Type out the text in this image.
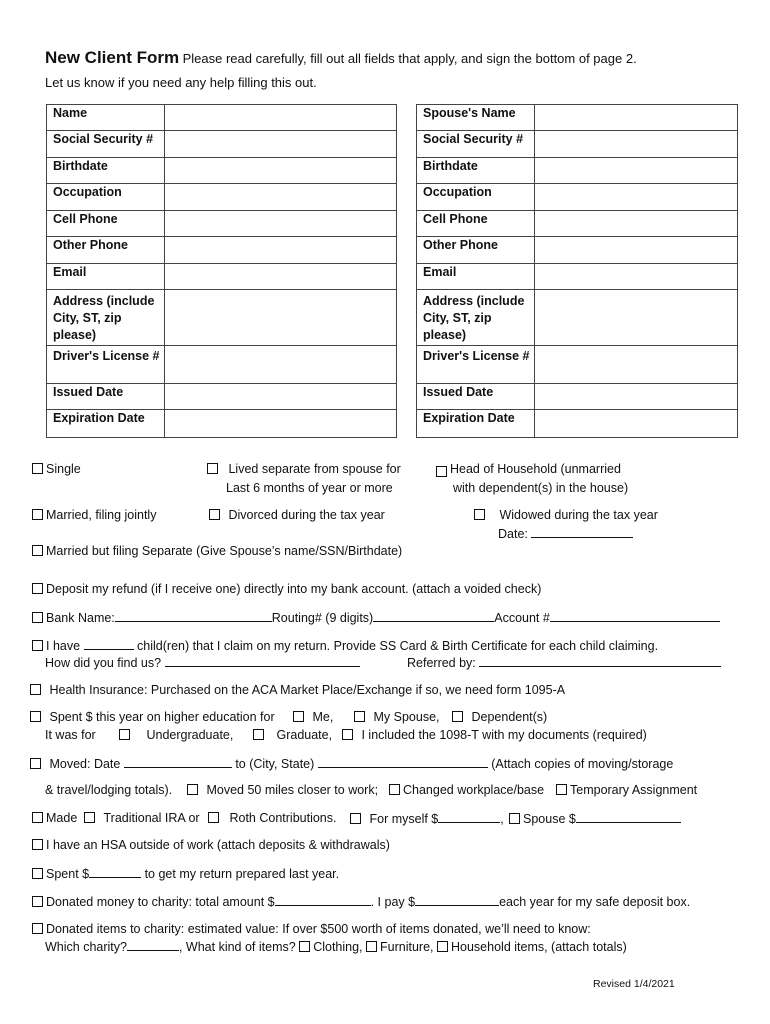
New Client Form Please read carefully, fill out all fields that apply, and sign the bottom of page 2.
Let us know if you need any help filling this out.
Name	
Social Security #	
Birthdate	
Occupation	
Cell Phone	
Other Phone	
Email	
Address (include City, ST, zip please)	
Driver's License #	
Issued Date	
Expiration Date	
Spouse's Name	
Social Security #	
Birthdate	
Occupation	
Cell Phone	
Other Phone	
Email	
Address (include City, ST, zip please)	
Driver's License #	
Issued Date	
Expiration Date	
Single	Lived separate from spouse for
Last 6 months of year or more
Head of Household (unmarried
with dependent(s) in the house)
Married, filing jointly	Divorced during the tax year	Widowed during the tax year
Date:
Married but filing Separate (Give Spouse’s name/SSN/Birthdate)
Deposit my refund (if I receive one) directly into my bank account. (attach a voided check)
Bank Name:	Routing# (9 digits)	Account #
I have	child(ren) that I claim on my return. Provide SS Card & Birth Certificate for each child claiming.
How did you find us?	Referred by:
Health Insurance: Purchased on the ACA Market Place/Exchange if so, we need form 1095-A
Spent $ this year on higher education for	Me,	My Spouse,	Dependent(s)
It was for	Undergraduate,	Graduate,	I included the 1098-T with my documents (required)
Moved: Date	to (City, State)	(Attach copies of moving/storage
& travel/lodging totals).	Moved 50 miles closer to work;	Changed workplace/base	Temporary Assignment
Made	Traditional IRA or	Roth Contributions.	For myself $	,	Spouse $
I have an HSA outside of work (attach deposits & withdrawals)
Spent $	to get my return prepared last year.
Donated money to charity: total amount $	. I pay $	each year for my safe deposit box.
Donated items to charity: estimated value: If over $500 worth of items donated, we’ll need to know:
Which charity?	, What kind of items? Clothing, Furniture, Household items, (attach totals)
Revised 1/4/2021
